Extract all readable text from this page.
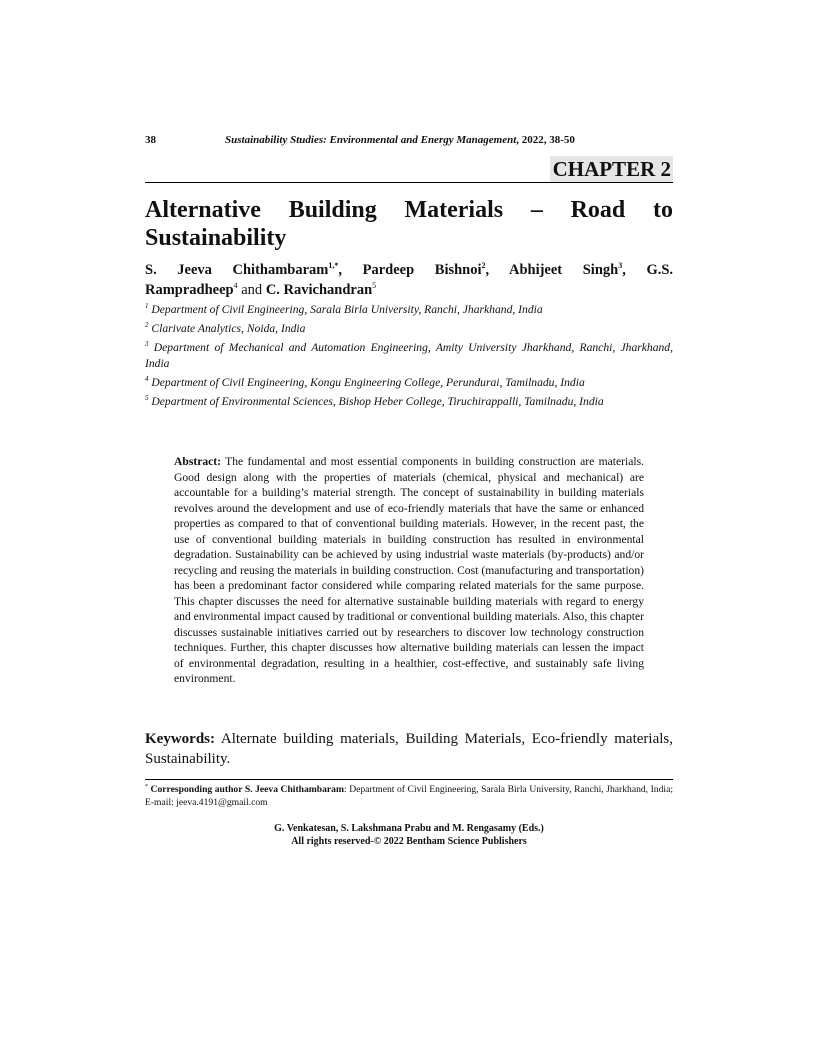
38	Sustainability Studies: Environmental and Energy Management, 2022, 38-50
CHAPTER 2
Alternative Building Materials – Road to
Sustainability
S. Jeeva Chithambaram$^{1,*}$, Pardeep Bishnoi$^2$, Abhijeet Singh$^3$, G.S.
Rampradheep$^4$ and C. Ravichandran$^5$
$^1$ Department of Civil Engineering, Sarala Birla University, Ranchi, Jharkhand, India
$^2$ Clarivate Analytics, Noida, India
$^3$ Department of Mechanical and Automation Engineering, Amity University Jharkhand, Ranchi, Jharkhand, India
$^4$ Department of Civil Engineering, Kongu Engineering College, Perundurai, Tamilnadu, India
$^5$ Department of Environmental Sciences, Bishop Heber College, Tiruchirappalli, Tamilnadu, India
Abstract: The fundamental and most essential components in building construction are materials. Good design along with the properties of materials (chemical, physical and mechanical) are accountable for a building’s material strength. The concept of sustainability in building materials revolves around the development and use of eco-friendly materials that have the same or enhanced properties as compared to that of conventional building materials. However, in the recent past, the use of conventional building materials in building construction has resulted in environmental degradation. Sustainability can be achieved by using industrial waste materials (by-products) and/or recycling and reusing the materials in building construction. Cost (manufacturing and transportation) has been a predominant factor considered while comparing related materials for the same purpose. This chapter discusses the need for alternative sustainable building materials with regard to energy and environmental impact caused by traditional or conventional building materials. Also, this chapter discusses sustainable initiatives carried out by researchers to discover low technology construction techniques. Further, this chapter discusses how alternative building materials can lessen the impact of environmental degradation, resulting in a healthier, cost-effective, and sustainably safe living environment.
Keywords: Alternate building materials, Building Materials, Eco-friendly materials, Sustainability.
* Corresponding author S. Jeeva Chithambaram: Department of Civil Engineering, Sarala Birla University, Ranchi, Jharkhand, India; E-mail: jeeva.4191@gmail.com
G. Venkatesan, S. Lakshmana Prabu and M. Rengasamy (Eds.)
All rights reserved-© 2022 Bentham Science Publishers
